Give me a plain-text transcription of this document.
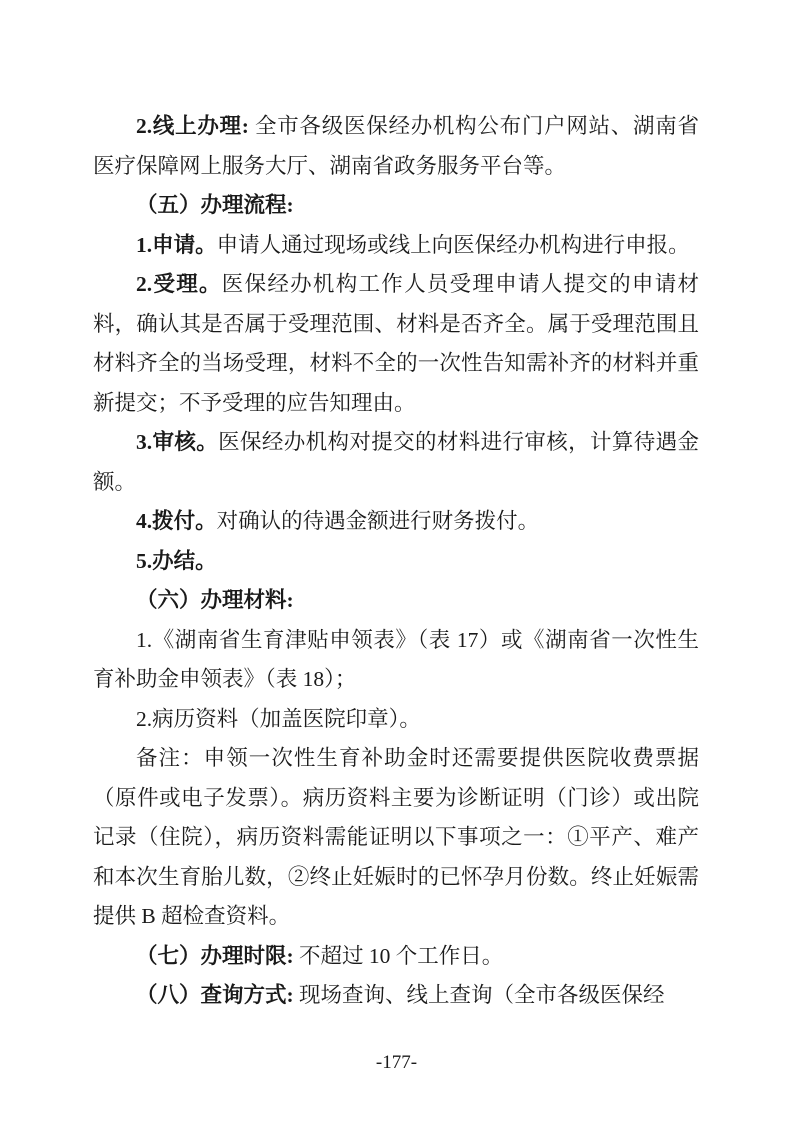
2.线上办理: 全市各级医保经办机构公布门户网站、湖南省医疗保障网上服务大厅、湖南省政务服务平台等。

（五）办理流程:

1.申请。申请人通过现场或线上向医保经办机构进行申报。

2.受理。医保经办机构工作人员受理申请人提交的申请材料，确认其是否属于受理范围、材料是否齐全。属于受理范围且材料齐全的当场受理，材料不全的一次性告知需补齐的材料并重新提交；不予受理的应告知理由。

3.审核。医保经办机构对提交的材料进行审核，计算待遇金额。

4.拨付。对确认的待遇金额进行财务拨付。

5.办结。

（六）办理材料:

1.《湖南省生育津贴申领表》（表 17）或《湖南省一次性生育补助金申领表》（表 18）；

2.病历资料（加盖医院印章）。

备注：申领一次性生育补助金时还需要提供医院收费票据（原件或电子发票）。病历资料主要为诊断证明（门诊）或出院记录（住院），病历资料需能证明以下事项之一：①平产、难产和本次生育胎儿数，②终止妊娠时的已怀孕月份数。终止妊娠需提供 B 超检查资料。

（七）办理时限: 不超过 10 个工作日。

（八）查询方式: 现场查询、线上查询（全市各级医保经

-177-
